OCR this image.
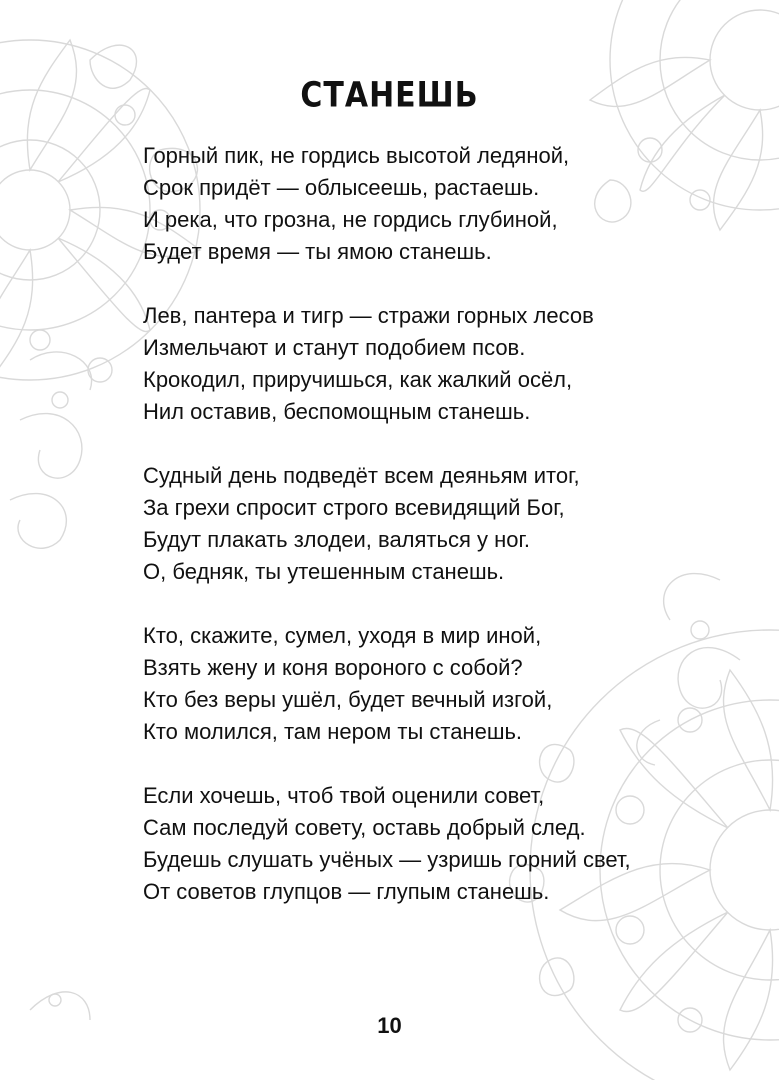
СТАНЕШЬ
Горный пик, не гордись высотой ледяной,
Срок придёт — облысеешь, растаешь.
И река, что грозна, не гордись глубиной,
Будет время — ты ямою станешь.
Лев, пантера и тигр — стражи горных лесов
Измельчают и станут подобием псов.
Крокодил, приручишься, как жалкий осёл,
Нил оставив, беспомощным станешь.
Судный день подведёт всем деяньям итог,
За грехи спросит строго всевидящий Бог,
Будут плакать злодеи, валяться у ног.
О, бедняк, ты утешенным станешь.
Кто, скажите, сумел, уходя в мир иной,
Взять жену и коня вороного с собой?
Кто без веры ушёл, будет вечный изгой,
Кто молился, там нером ты станешь.
Если хочешь, чтоб твой оценили совет,
Сам последуй совету, оставь добрый след.
Будешь слушать учёных — узришь горний свет,
От советов глупцов — глупым станешь.
10
